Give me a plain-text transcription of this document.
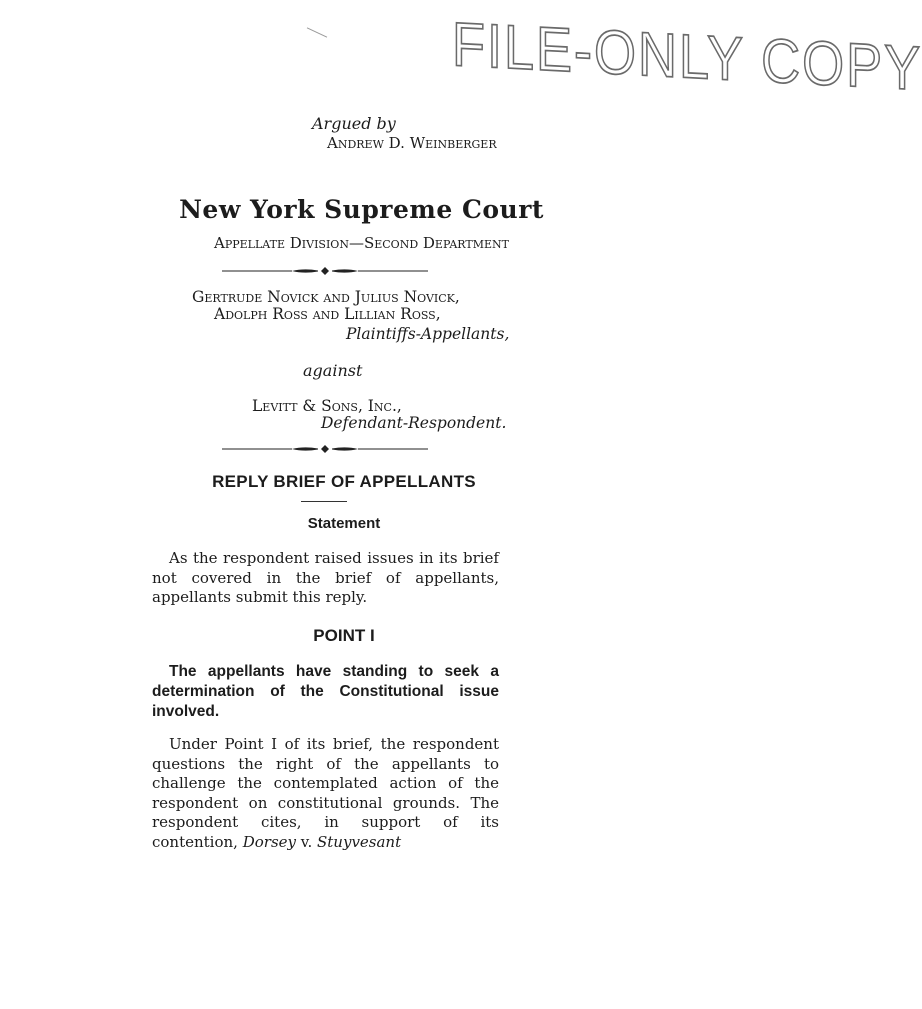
FILE-ONLY COPY
Argued by
Andrew D. Weinberger
New York Supreme Court
Appellate Division—Second Department
Gertrude Novick and Julius Novick,
Adolph Ross and Lillian Ross,
Plaintiffs-Appellants,
against
Levitt & Sons, Inc.,
Defendant-Respondent.
REPLY BRIEF OF APPELLANTS
Statement
As the respondent raised issues in its brief not covered in the brief of appellants, appellants submit this reply.
POINT I
The appellants have standing to seek a determination of the Constitutional issue involved.
Under Point I of its brief, the respondent questions the right of the appellants to challenge the contemplated action of the respondent on constitutional grounds. The respondent cites, in support of its contention, Dorsey v. Stuyvesant
